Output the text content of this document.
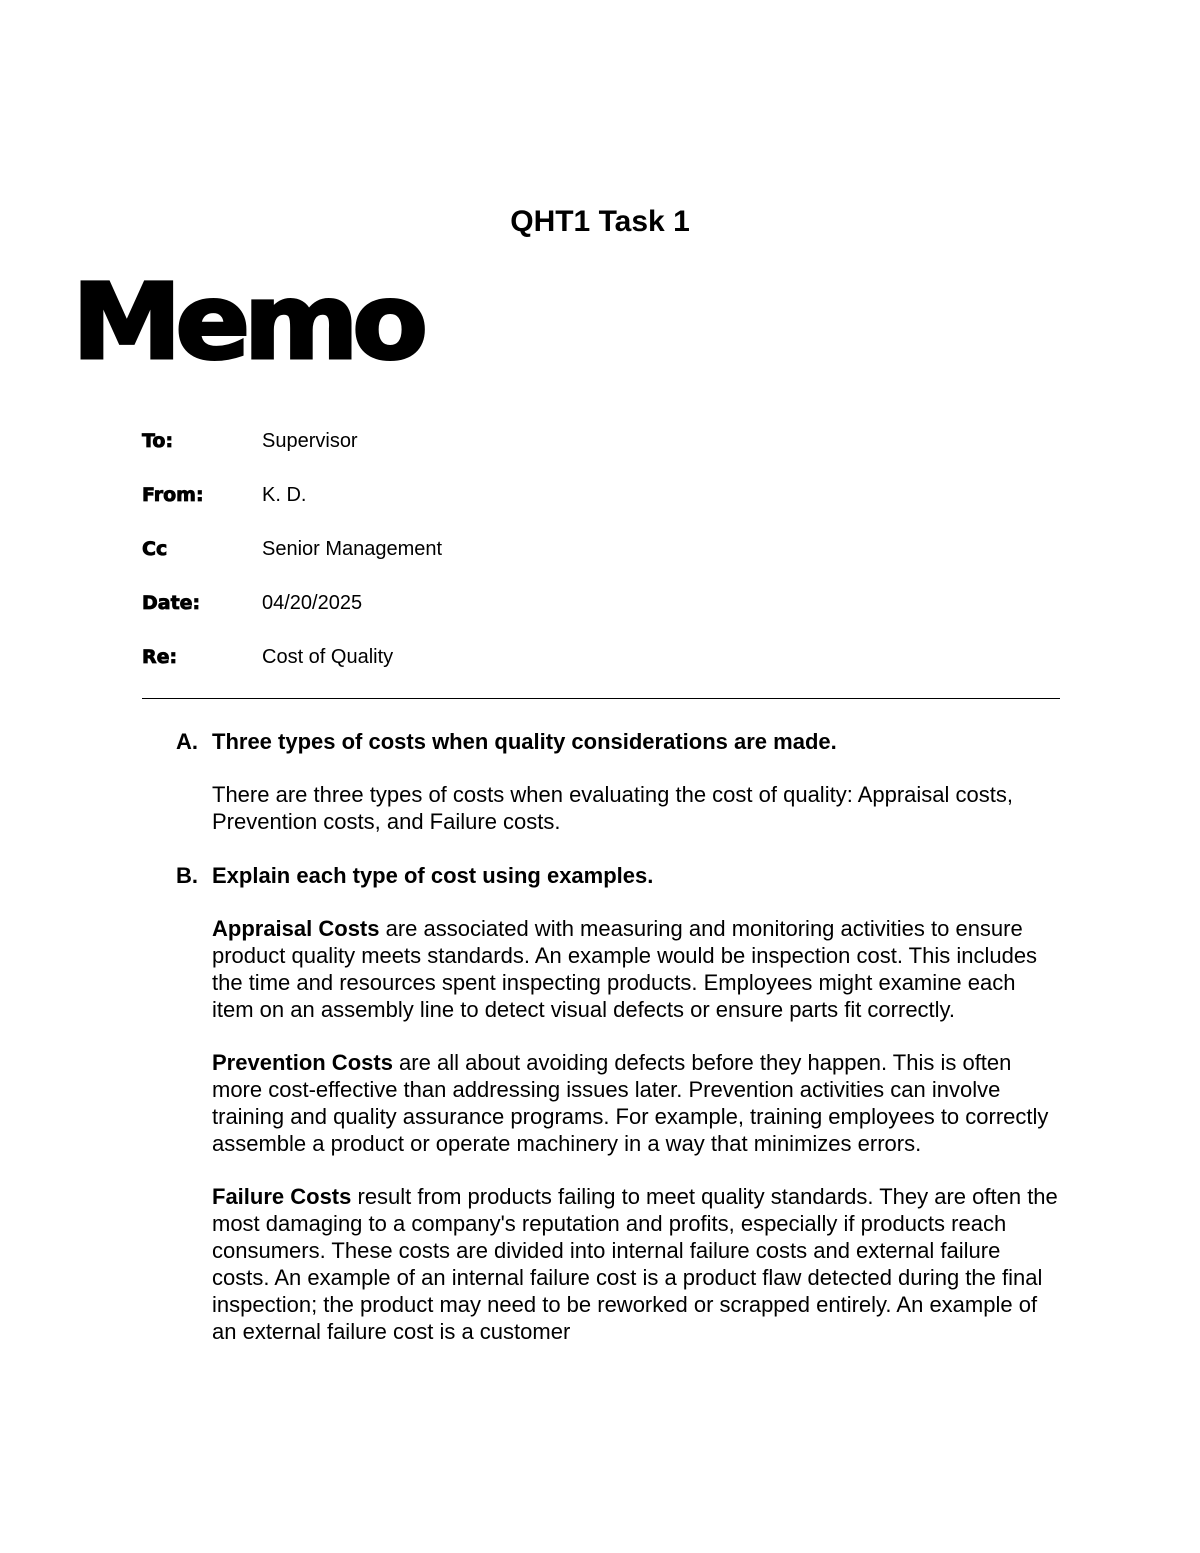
QHT1 Task 1
Memo
To:	Supervisor
From:	K. D.
Cc	Senior Management
Date:	04/20/2025
Re:	Cost of Quality
A. Three types of costs when quality considerations are made.

There are three types of costs when evaluating the cost of quality: Appraisal costs, Prevention costs, and Failure costs.

B. Explain each type of cost using examples.

Appraisal Costs are associated with measuring and monitoring activities to ensure product quality meets standards. An example would be inspection cost. This includes the time and resources spent inspecting products. Employees might examine each item on an assembly line to detect visual defects or ensure parts fit correctly.

Prevention Costs are all about avoiding defects before they happen. This is often more cost-effective than addressing issues later. Prevention activities can involve training and quality assurance programs. For example, training employees to correctly assemble a product or operate machinery in a way that minimizes errors.

Failure Costs result from products failing to meet quality standards. They are often the most damaging to a company's reputation and profits, especially if products reach consumers. These costs are divided into internal failure costs and external failure costs. An example of an internal failure cost is a product flaw detected during the final inspection; the product may need to be reworked or scrapped entirely. An example of an external failure cost is a customer
